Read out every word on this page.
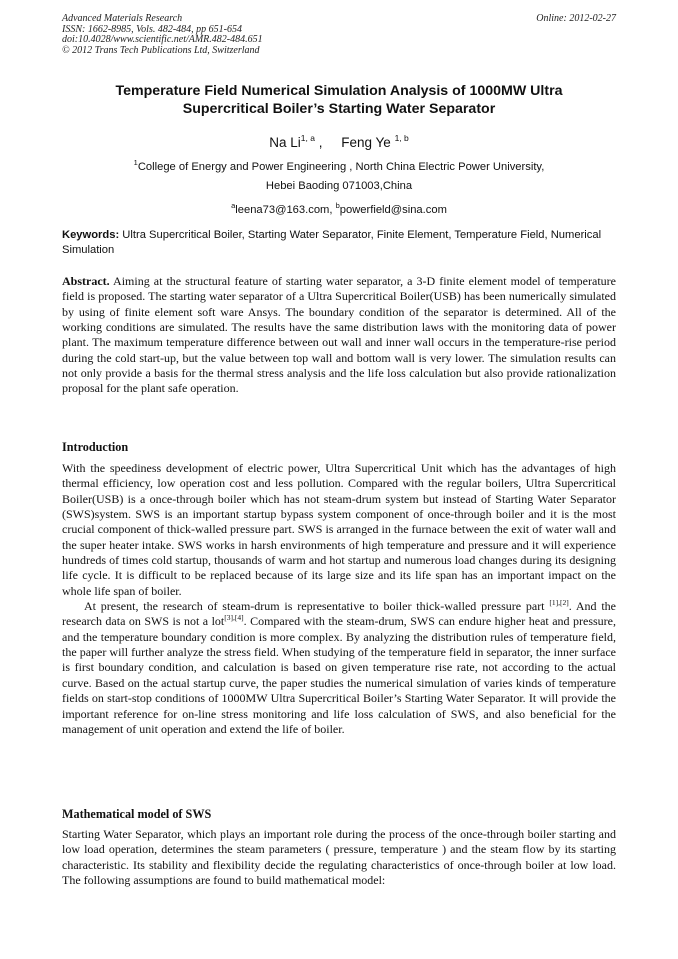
Advanced Materials Research
ISSN: 1662-8985, Vols. 482-484, pp 651-654
doi:10.4028/www.scientific.net/AMR.482-484.651
© 2012 Trans Tech Publications Ltd, Switzerland
Online: 2012-02-27
Temperature Field Numerical Simulation Analysis of 1000MW Ultra
Supercritical Boiler’s Starting Water Separator
Na Li$^{1, a}$ , Feng Ye $^{1, b}$
$^1$College of Energy and Power Engineering , North China Electric Power University,
Hebei Baoding 071003,China
$^a$leena73@163.com, $^b$powerfield@sina.com
Keywords: Ultra Supercritical Boiler, Starting Water Separator, Finite Element, Temperature Field, Numerical Simulation
Abstract. Aiming at the structural feature of starting water separator, a 3-D finite element model of temperature field is proposed. The starting water separator of a Ultra Supercritical Boiler(USB) has been numerically simulated by using of finite element soft ware Ansys. The boundary condition of the separator is determined. All of the working conditions are simulated. The results have the same distribution laws with the monitoring data of power plant. The maximum temperature difference between out wall and inner wall occurs in the temperature-rise period during the cold start-up, but the value between top wall and bottom wall is very lower. The simulation results can not only provide a basis for the thermal stress analysis and the life loss calculation but also provide rationalization proposal for the plant safe operation.
Introduction
With the speediness development of electric power, Ultra Supercritical Unit which has the advantages of high thermal efficiency, low operation cost and less pollution. Compared with the regular boilers, Ultra Supercritical Boiler(USB) is a once-through boiler which has not steam-drum system but instead of Starting Water Separator (SWS)system. SWS is an important startup bypass system component of once-through boiler and it is the most crucial component of thick-walled pressure part. SWS is arranged in the furnace between the exit of water wall and the super heater intake. SWS works in harsh environments of high temperature and pressure and it will experience hundreds of times cold startup, thousands of warm and hot startup and numerous load changes during its designing life cycle. It is difficult to be replaced because of its large size and its life span has an important impact on the whole life span of boiler.
At present, the research of steam-drum is representative to boiler thick-walled pressure part [1],[2]. And the research data on SWS is not a lot[3],[4]. Compared with the steam-drum, SWS can endure higher heat and pressure, and the temperature boundary condition is more complex. By analyzing the distribution rules of temperature field, the paper will further analyze the stress field. When studying of the temperature field in separator, the inner surface is first boundary condition, and calculation is based on given temperature rise rate, not according to the actual curve. Based on the actual startup curve, the paper studies the numerical simulation of varies kinds of temperature fields on start-stop conditions of 1000MW Ultra Supercritical Boiler’s Starting Water Separator. It will provide the important reference for on-line stress monitoring and life loss calculation of SWS, and also beneficial for the management of unit operation and extend the life of boiler.
Mathematical model of SWS
Starting Water Separator, which plays an important role during the process of the once-through boiler starting and low load operation, determines the steam parameters ( pressure, temperature ) and the steam flow by its starting characteristic. Its stability and flexibility decide the regulating characteristics of once-through boiler at low load. The following assumptions are found to build mathematical model:
